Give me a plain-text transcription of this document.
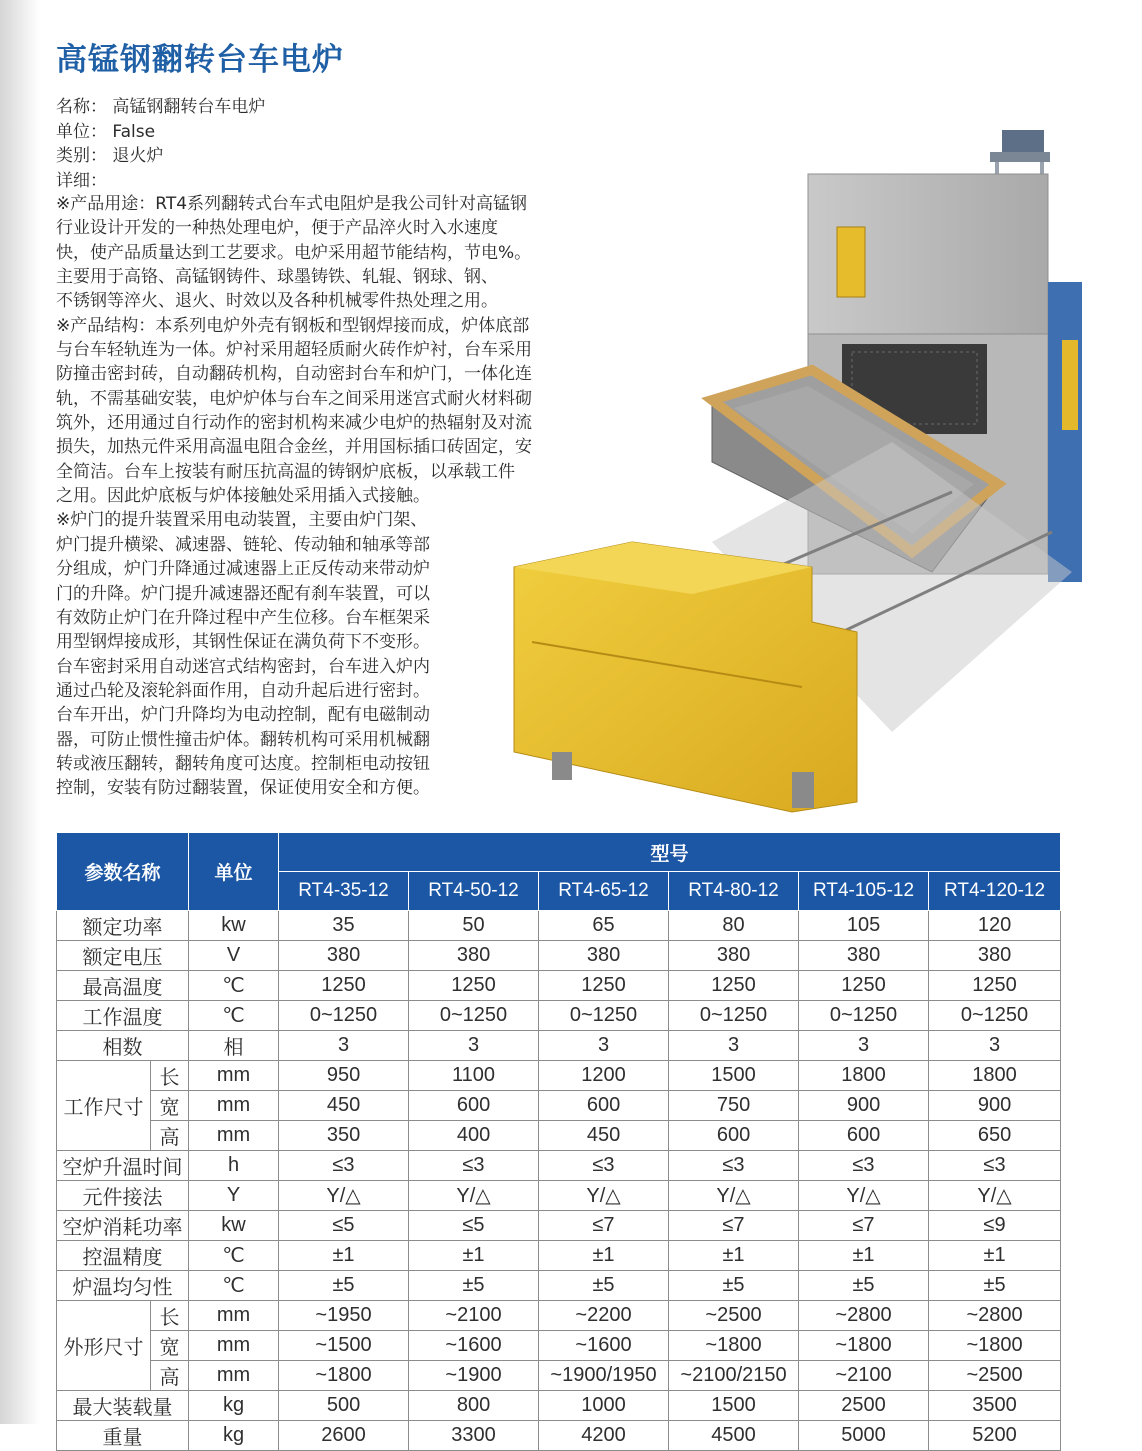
高锰钢翻转台车电炉
名称： 高锰钢翻转台车电炉
单位： False
类别： 退火炉
详细：
※产品用途：RT4系列翻转式台车式电阻炉是我公司针对高锰钢
行业设计开发的一种热处理电炉，便于产品淬火时入水速度
快，使产品质量达到工艺要求。电炉采用超节能结构，节电%。
主要用于高铬、高锰钢铸件、球墨铸铁、轧辊、钢球、钢、
不锈钢等淬火、退火、时效以及各种机械零件热处理之用。
※产品结构：本系列电炉外壳有钢板和型钢焊接而成，炉体底部
与台车轻轨连为一体。炉衬采用超轻质耐火砖作炉衬，台车采用
防撞击密封砖，自动翻砖机构，自动密封台车和炉门，一体化连
轨，不需基础安装，电炉炉体与台车之间采用迷宫式耐火材料砌
筑外，还用通过自行动作的密封机构来减少电炉的热辐射及对流
损失，加热元件采用高温电阻合金丝，并用国标插口砖固定，安
全简洁。台车上按装有耐压抗高温的铸钢炉底板，以承载工件
之用。因此炉底板与炉体接触处采用插入式接触。
※炉门的提升装置采用电动装置，主要由炉门架、
炉门提升横梁、减速器、链轮、传动轴和轴承等部
分组成，炉门升降通过减速器上正反传动来带动炉
门的升降。炉门提升减速器还配有刹车装置，可以
有效防止炉门在升降过程中产生位移。台车框架采
用型钢焊接成形，其钢性保证在满负荷下不变形。
台车密封采用自动迷宫式结构密封，台车进入炉内
通过凸轮及滚轮斜面作用，自动升起后进行密封。
台车开出，炉门升降均为电动控制，配有电磁制动
器，可防止惯性撞击炉体。翻转机构可采用机械翻
转或液压翻转，翻转角度可达度。控制柜电动按钮
控制，安装有防过翻装置，保证使用安全和方便。
参数名称		单位	型号					
			RT4-35-12	RT4-50-12	RT4-65-12	RT4-80-12	RT4-105-12	RT4-120-12
额定功率		kw	35	50	65	80	105	120
额定电压		V	380	380	380	380	380	380
最高温度		℃	1250	1250	1250	1250	1250	1250
工作温度		℃	0~1250	0~1250	0~1250	0~1250	0~1250	0~1250
相数		相	3	3	3	3	3	3
工作尺寸	长	mm	950	1100	1200	1500	1800	1800
	宽	mm	450	600	600	750	900	900
	高	mm	350	400	450	600	600	650
空炉升温时间		h	≤3	≤3	≤3	≤3	≤3	≤3
元件接法		Y	Y/△	Y/△	Y/△	Y/△	Y/△	Y/△
空炉消耗功率		kw	≤5	≤5	≤7	≤7	≤7	≤9
控温精度		℃	±1	±1	±1	±1	±1	±1
炉温均匀性		℃	±5	±5	±5	±5	±5	±5
外形尺寸	长	mm	~1950	~2100	~2200	~2500	~2800	~2800
	宽	mm	~1500	~1600	~1600	~1800	~1800	~1800
	高	mm	~1800	~1900	~1900/1950	~2100/2150	~2100	~2500
最大装载量		kg	500	800	1000	1500	2500	3500
重量		kg	2600	3300	4200	4500	5000	5200
